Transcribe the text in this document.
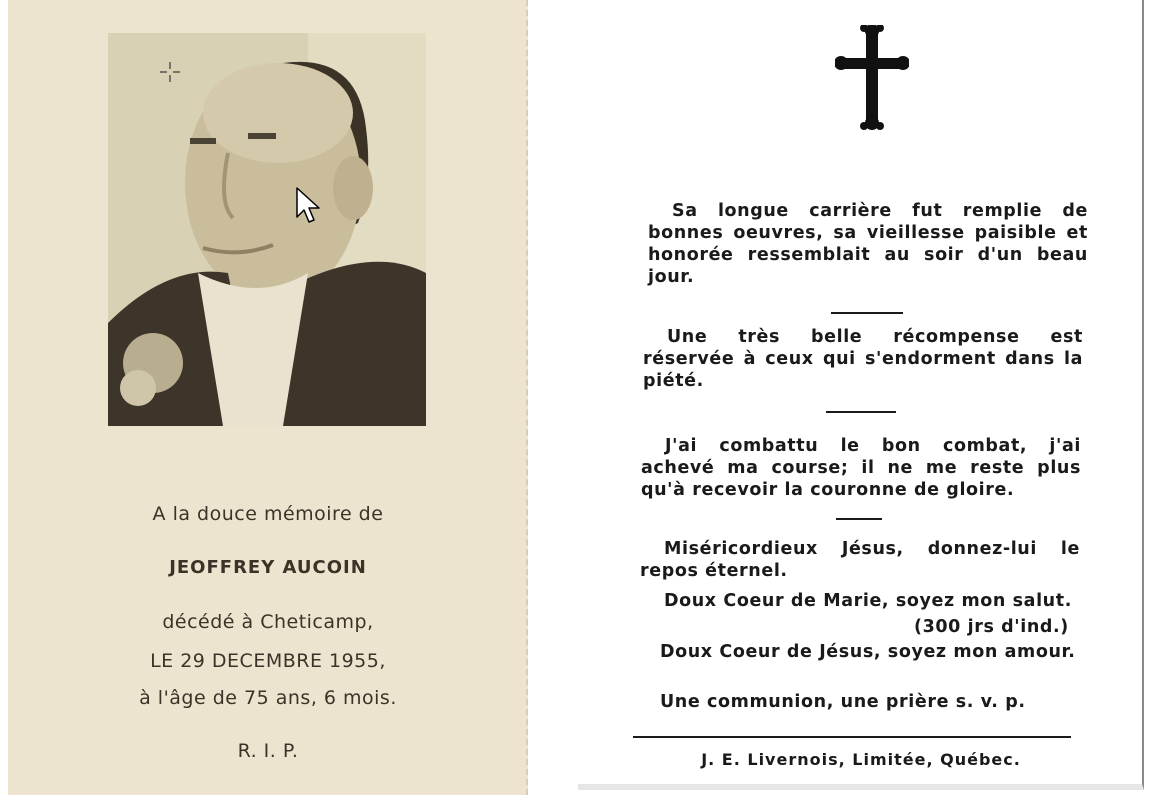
A la douce mémoire de
JEOFFREY AUCOIN
décédé à Cheticamp,
LE 29 DECEMBRE 1955,
à l'âge de 75 ans, 6 mois.
R. I. P.
Sa longue carrière fut remplie de bonnes oeuvres, sa vieillesse paisible et honorée ressemblait au soir d'un beau jour.
Une très belle récompense est réservée à ceux qui s'endorment dans la piété.
J'ai combattu le bon combat, j'ai achevé ma course; il ne me reste plus qu'à recevoir la couronne de gloire.
Miséricordieux Jésus, donnez-lui le repos éternel.
Doux Coeur de Marie, soyez mon salut.
(300 jrs d'ind.)
Doux Coeur de Jésus, soyez mon amour.
Une communion, une prière s. v. p.
J. E. Livernois, Limitée, Québec.
